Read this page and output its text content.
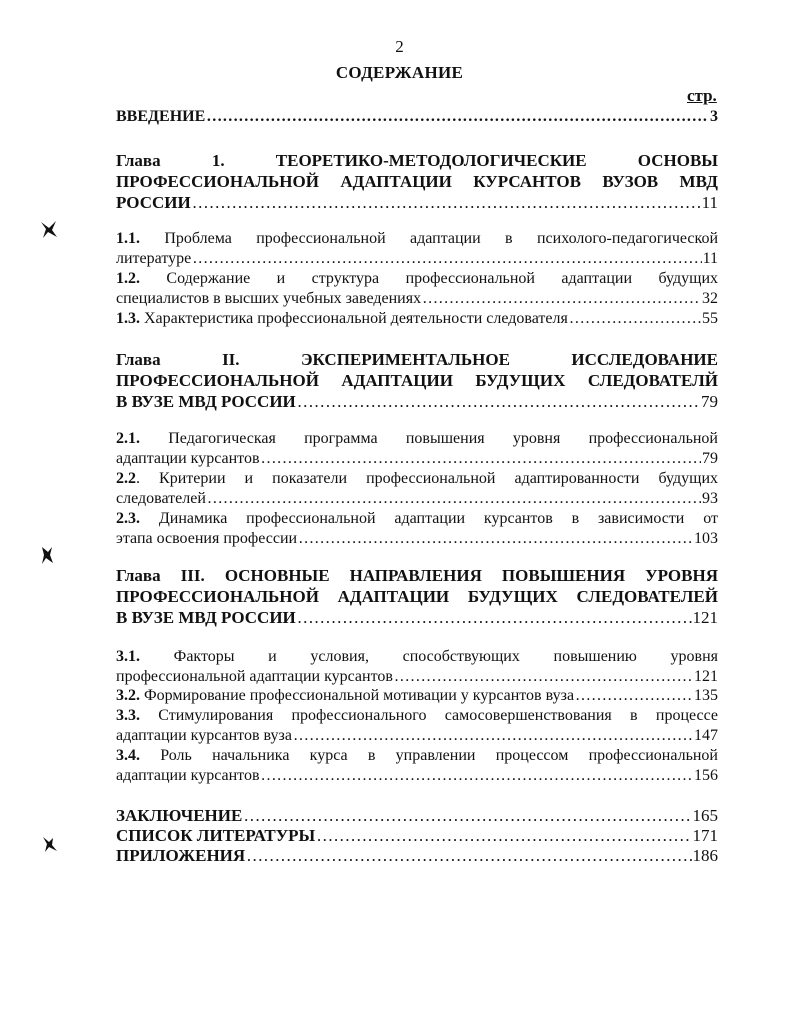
2
СОДЕРЖАНИЕ
стр.
ВВЕДЕНИЕ ……………………………………………………………………………………………………………………………………………………………………………………………………	3
Глава 1. ТЕОРЕТИКО-МЕТОДОЛОГИЧЕСКИЕ ОСНОВЫ
ПРОФЕССИОНАЛЬНОЙ АДАПТАЦИИ КУРСАНТОВ ВУЗОВ МВД
РОССИИ ……………………………………………………………………………………………………………………………………………………………………………………………………	11
1.1. Проблема профессиональной адаптации в психолого-педагогической
литературе ……………………………………………………………………………………………………………………………………………………………………………………………………	11
1.2. Содержание и структура профессиональной адаптации будущих
специалистов в высших учебных заведениях ……………………………………………………………………………………………………………………………………………………………………………………………………	32
1.3. Характеристика профессиональной деятельности следователя ……………………………………………………………………………………………………………………………………………………………………………………………………	55
Глава II. ЭКСПЕРИМЕНТАЛЬНОЕ ИССЛЕДОВАНИЕ
ПРОФЕССИОНАЛЬНОЙ АДАПТАЦИИ БУДУЩИХ СЛЕДОВАТЕЛЙ
В ВУЗЕ МВД РОССИИ ……………………………………………………………………………………………………………………………………………………………………………………………………	79
2.1. Педагогическая программа повышения уровня профессиональной
адаптации курсантов ……………………………………………………………………………………………………………………………………………………………………………………………………	79
2.2. Критерии и показатели профессиональной адаптированности будущих
следователей ……………………………………………………………………………………………………………………………………………………………………………………………………	93
2.3. Динамика профессиональной адаптации курсантов в зависимости от
этапа освоения профессии ……………………………………………………………………………………………………………………………………………………………………………………………………	103
Глава III. ОСНОВНЫЕ НАПРАВЛЕНИЯ ПОВЫШЕНИЯ УРОВНЯ
ПРОФЕССИОНАЛЬНОЙ АДАПТАЦИИ БУДУЩИХ СЛЕДОВАТЕЛЕЙ
В ВУЗЕ МВД РОССИИ ……………………………………………………………………………………………………………………………………………………………………………………………………	121
3.1. Факторы и условия, способствующих повышению уровня
профессиональной адаптации курсантов ……………………………………………………………………………………………………………………………………………………………………………………………………	121
3.2. Формирование профессиональной мотивации у курсантов вуза ……………………………………………………………………………………………………………………………………………………………………………………………………	135
3.3. Стимулирования профессионального самосовершенствования в процессе
адаптации курсантов вуза ……………………………………………………………………………………………………………………………………………………………………………………………………	147
3.4. Роль начальника курса в управлении процессом профессиональной
адаптации курсантов ……………………………………………………………………………………………………………………………………………………………………………………………………	156
ЗАКЛЮЧЕНИЕ ……………………………………………………………………………………………………………………………………………………………………………………………………	165
СПИСОК ЛИТЕРАТУРЫ ……………………………………………………………………………………………………………………………………………………………………………………………………	171
ПРИЛОЖЕНИЯ ……………………………………………………………………………………………………………………………………………………………………………………………………	186
